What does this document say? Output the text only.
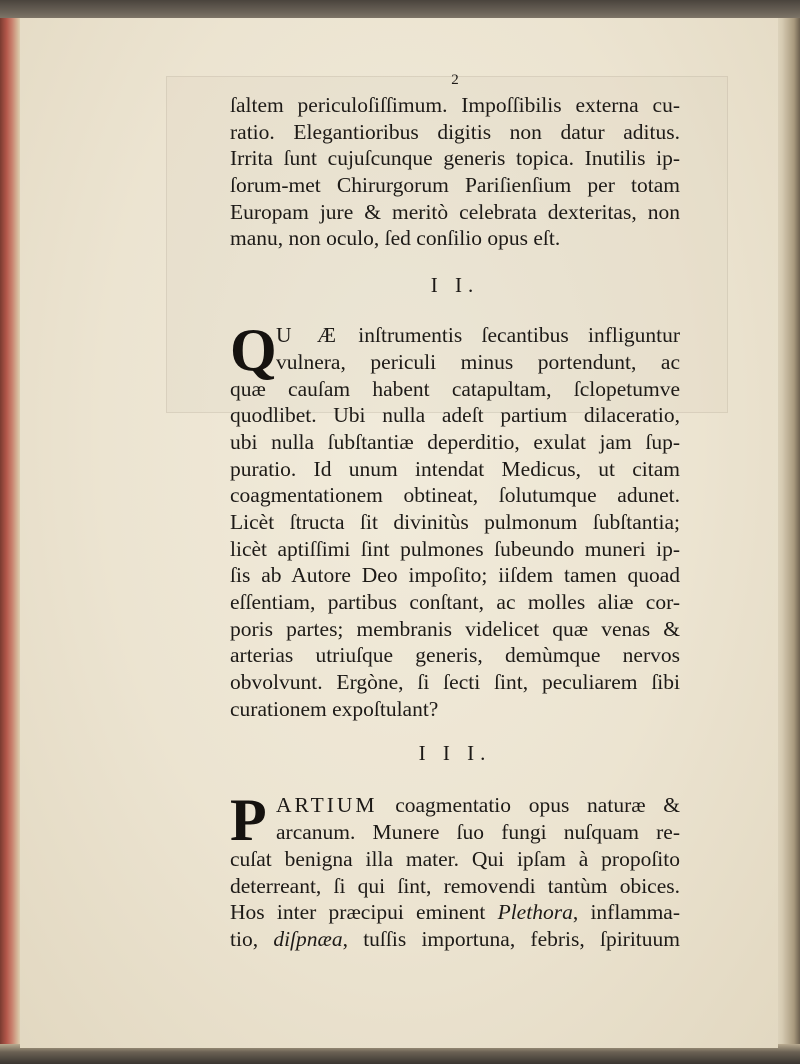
2
ſaltem periculoſiſſimum. Impoſſibilis externa cu-
ratio. Elegantioribus digitis non datur aditus.
Irrita ſunt cujuſcunque generis topica. Inutilis ip-
ſorum-met Chirurgorum Pariſienſium per totam
Europam jure & meritò celebrata dexteritas, non
manu, non oculo, ſed conſilio opus eſt.
I I.
Q U Æ inſtrumentis ſecantibus infliguntur
vulnera, periculi minus portendunt, ac
quæ cauſam habent catapultam, ſclopetumve
quodlibet. Ubi nulla adeſt partium dilaceratio,
ubi nulla ſubſtantiæ deperditio, exulat jam ſup-
puratio. Id unum intendat Medicus, ut citam
coagmentationem obtineat, ſolutumque adunet.
Licèt ſtructa ſit divinitùs pulmonum ſubſtantia;
licèt aptiſſimi ſint pulmones ſubeundo muneri ip-
ſis ab Autore Deo impoſito; iiſdem tamen quoad
eſſentiam, partibus conſtant, ac molles aliæ cor-
poris partes; membranis videlicet quæ venas &
arterias utriuſque generis, demùmque nervos
obvolvunt. Ergòne, ſi ſecti ſint, peculiarem ſibi
curationem expoſtulant?
I I I.
P ARTIUM coagmentatio opus naturæ &
arcanum. Munere ſuo fungi nuſquam re-
cuſat benigna illa mater. Qui ipſam à propoſito
deterreant, ſi qui ſint, removendi tantùm obices.
Hos inter præcipui eminent Plethora, inflamma-
tio, diſpnæa, tuſſis importuna, febris, ſpirituum
